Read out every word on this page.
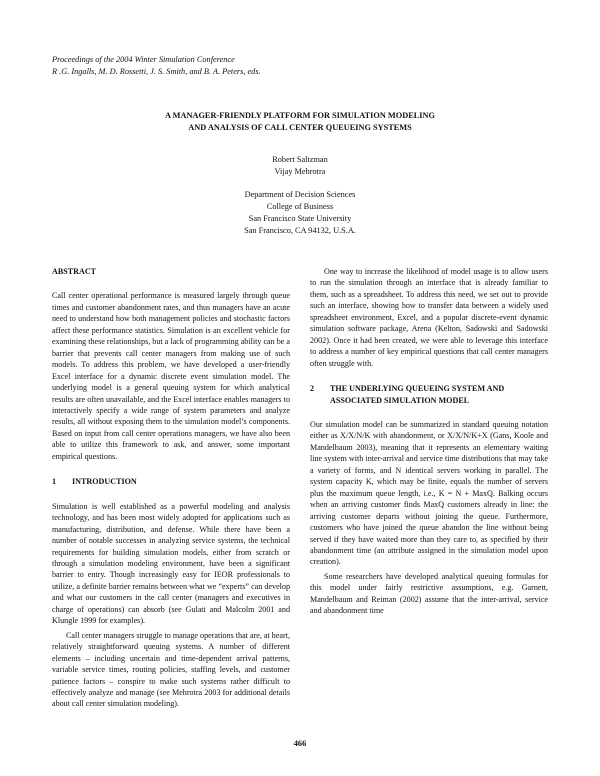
Proceedings of the 2004 Winter Simulation Conference
R .G. Ingalls, M. D. Rossetti, J. S. Smith, and B. A. Peters, eds.
A MANAGER-FRIENDLY PLATFORM FOR SIMULATION MODELING
AND ANALYSIS OF CALL CENTER QUEUEING SYSTEMS
Robert Saltzman
Vijay Mehrotra
Department of Decision Sciences
College of Business
San Francisco State University
San Francisco, CA 94132, U.S.A.
ABSTRACT

Call center operational performance is measured largely through queue times and customer abandonment rates, and thus managers have an acute need to understand how both management policies and stochastic factors affect these performance statistics. Simulation is an excellent vehicle for examining these relationships, but a lack of programming ability can be a barrier that prevents call center managers from making use of such models. To address this problem, we have developed a user-friendly Excel interface for a dynamic discrete event simulation model. The underlying model is a general queuing system for which analytical results are often unavailable, and the Excel interface enables managers to interactively specify a wide range of system parameters and analyze results, all without exposing them to the simulation model’s components. Based on input from call center operations managers, we have also been able to utilize this framework to ask, and answer, some important empirical questions.

1	INTRODUCTION

Simulation is well established as a powerful modeling and analysis technology, and has been most widely adopted for applications such as manufacturing, distribution, and defense. While there have been a number of notable successes in analyzing service systems, the technical requirements for building simulation models, either from scratch or through a simulation modeling environment, have been a significant barrier to entry. Though increasingly easy for IEOR professionals to utilize, a definite barrier remains between what we “experts” can develop and what our customers in the call center (managers and executives in charge of operations) can absorb (see Gulati and Malcolm 2001 and Klungle 1999 for examples).

Call center managers struggle to manage operations that are, at heart, relatively straightforward queuing systems. A number of different elements – including uncertain and time-dependent arrival patterns, variable service times, routing policies, staffing levels, and customer patience factors – conspire to make such systems rather difficult to effectively analyze and manage (see Mehrotra 2003 for additional details about call center simulation modeling).

One way to increase the likelihood of model usage is to allow users to run the simulation through an interface that is already familiar to them, such as a spreadsheet. To address this need, we set out to provide such an interface, showing how to transfer data between a widely used spreadsheet environment, Excel, and a popular discrete-event dynamic simulation software package, Arena (Kelton, Sadowski and Sadowski 2002). Once it had been created, we were able to leverage this interface to address a number of key empirical questions that call center managers often struggle with.

2	THE UNDERLYING QUEUEING SYSTEM AND
ASSOCIATED SIMULATION MODEL

Our simulation model can be summarized in standard queuing notation either as X/X/N/K with abandonment, or X/X/N/K+X (Gans, Koole and Mandelbaum 2003), meaning that it represents an elementary waiting line system with inter-arrival and service time distributions that may take a variety of forms, and N identical servers working in parallel. The system capacity K, which may be finite, equals the number of servers plus the maximum queue length, i.e., K = N + MaxQ. Balking occurs when an arriving customer finds MaxQ customers already in line: the arriving customer departs without joining the queue. Furthermore, customers who have joined the queue abandon the line without being served if they have waited more than they care to, as specified by their abandonment time (an attribute assigned in the simulation model upon creation).

Some researchers have developed analytical queuing formulas for this model under fairly restrictive assumptions, e.g. Garnett, Mandelbaum and Reiman (2002) assume that the inter-arrival, service and abandonment time

466
